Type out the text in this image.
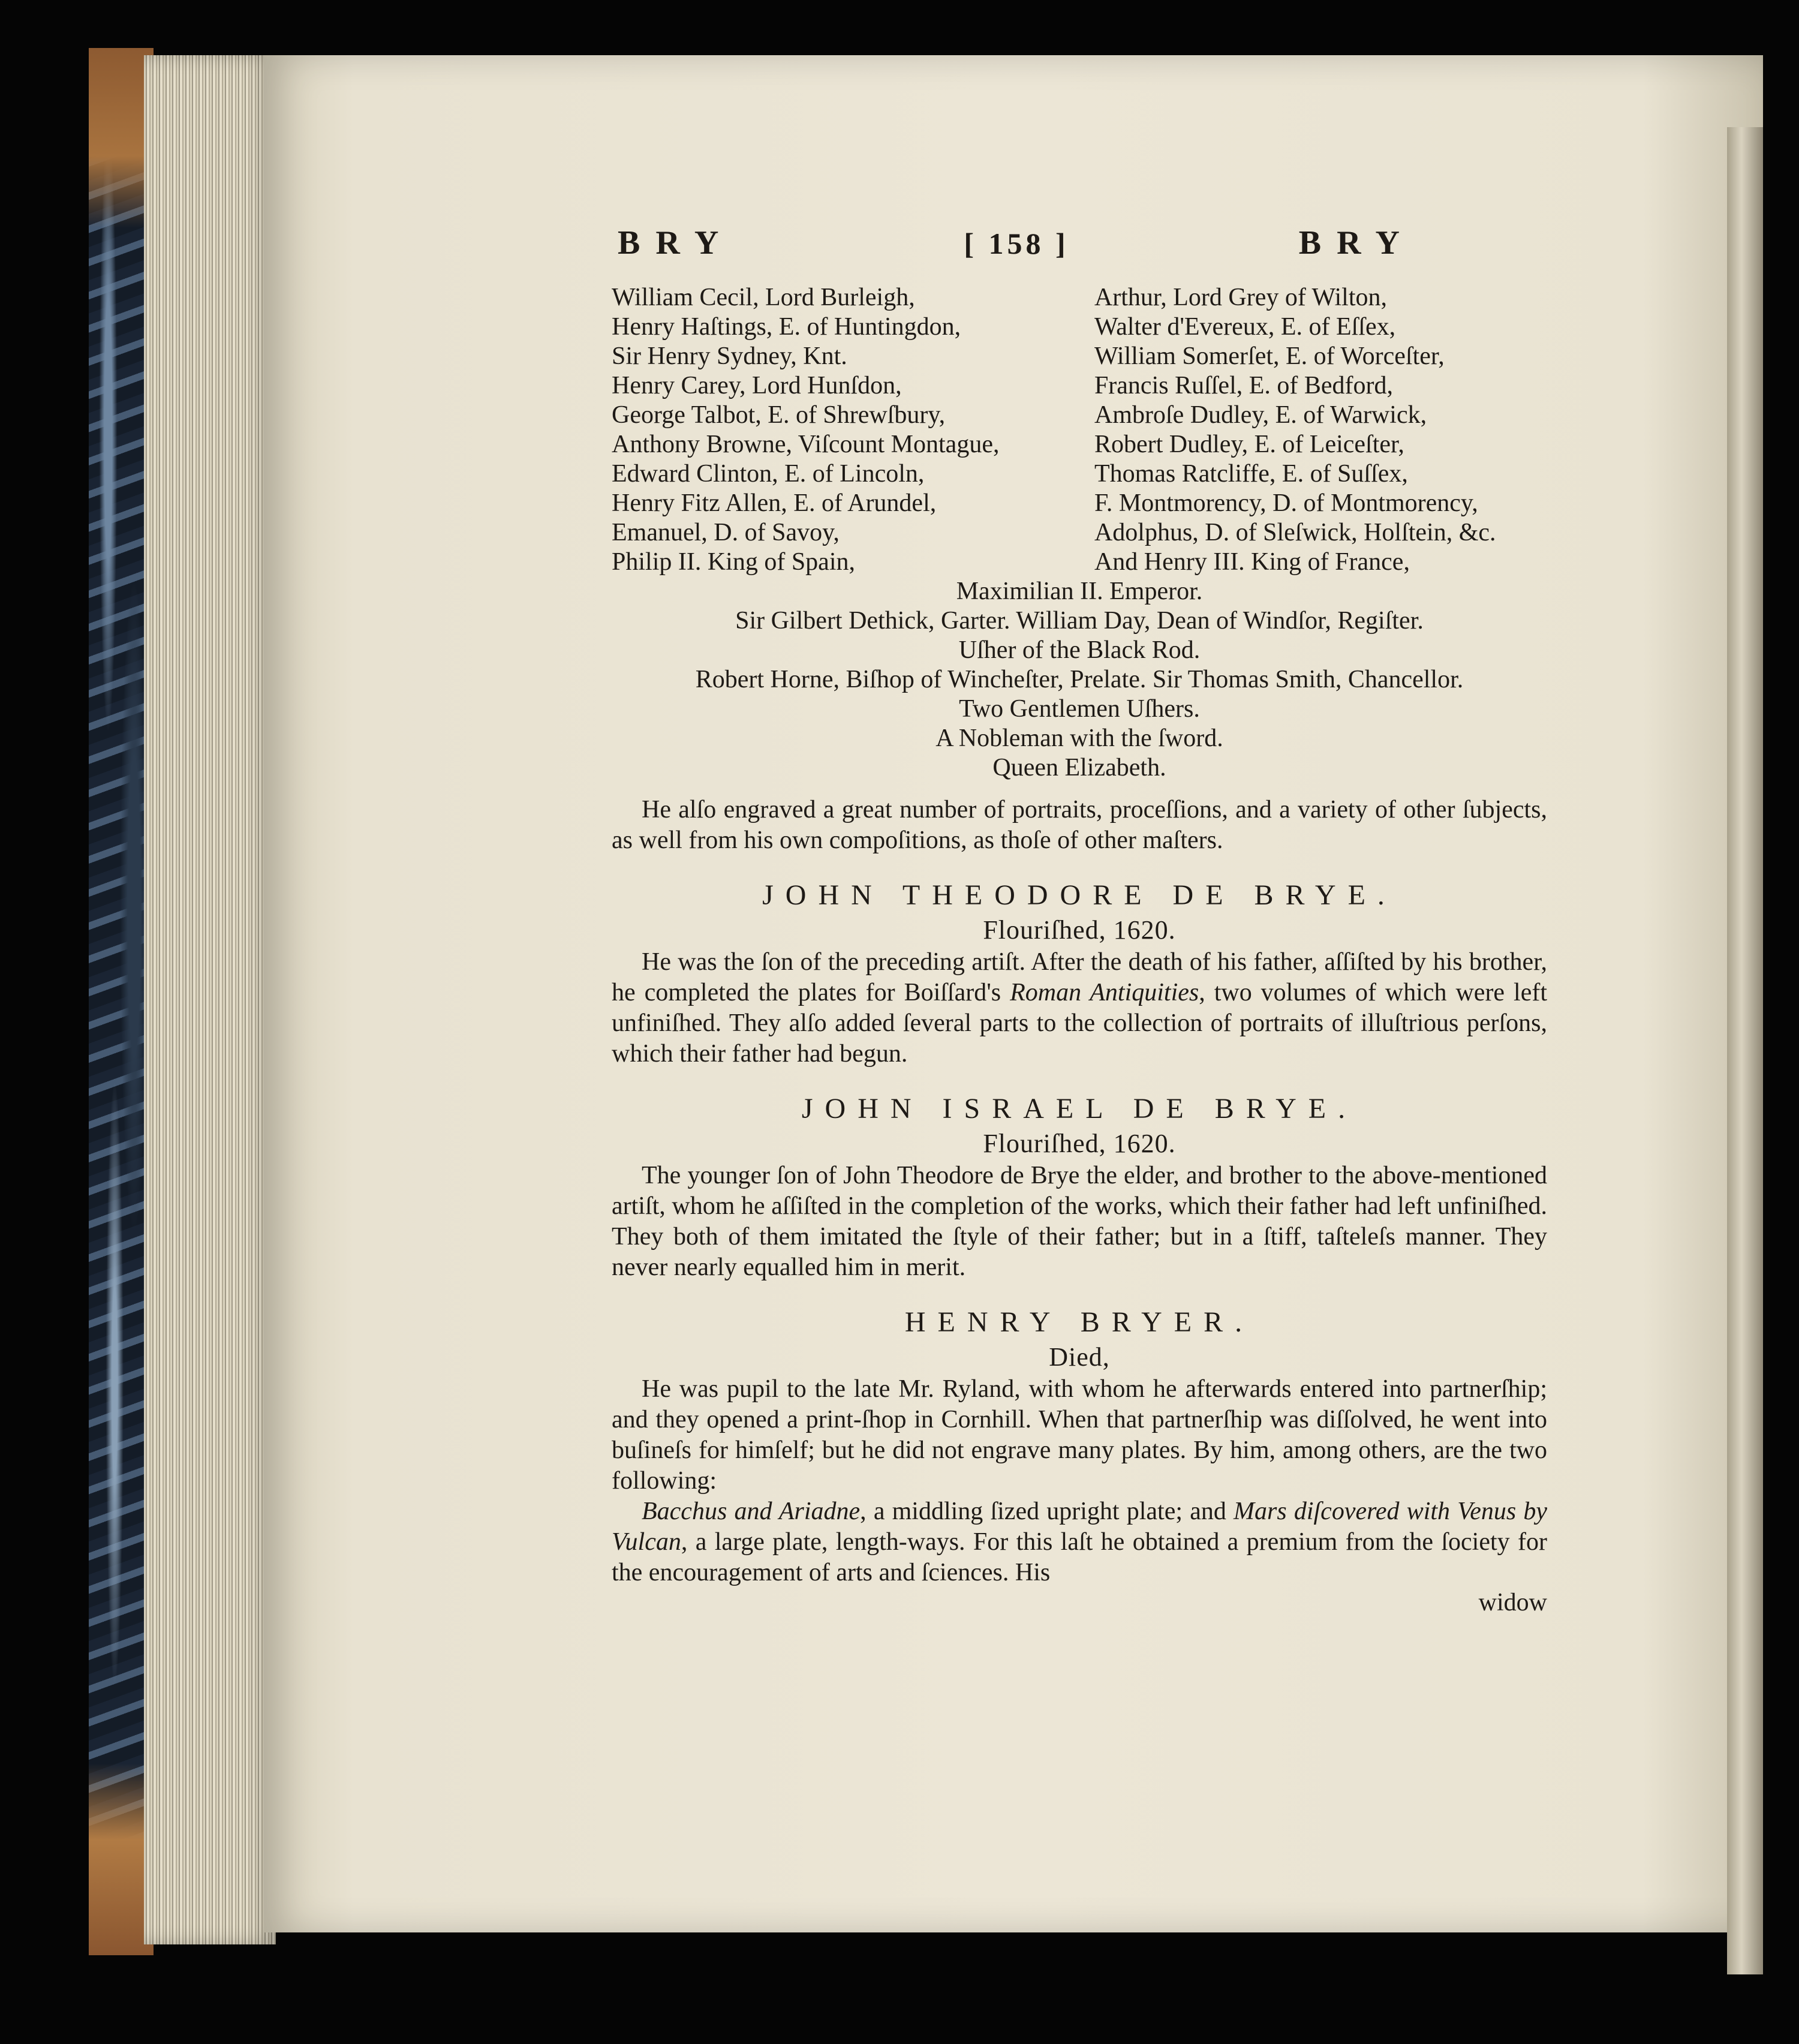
BRY	[ 158 ]	BRY
William Cecil, Lord Burleigh,
Henry Haſtings, E. of Huntingdon,
Sir Henry Sydney, Knt.
Henry Carey, Lord Hunſdon,
George Talbot, E. of Shrewſbury,
Anthony Browne, Viſcount Montague,
Edward Clinton, E. of Lincoln,
Henry Fitz Allen, E. of Arundel,
Emanuel, D. of Savoy,
Philip II. King of Spain,
Arthur, Lord Grey of Wilton,
Walter d'Evereux, E. of Eſſex,
William Somerſet, E. of Worceſter,
Francis Ruſſel, E. of Bedford,
Ambroſe Dudley, E. of Warwick,
Robert Dudley, E. of Leiceſter,
Thomas Ratcliffe, E. of Suſſex,
F. Montmorency, D. of Montmorency,
Adolphus, D. of Sleſwick, Holſtein, &c.
And Henry III. King of France,
Maximilian II. Emperor.
Sir Gilbert Dethick, Garter. William Day, Dean of Windſor, Regiſter.
Uſher of the Black Rod.
Robert Horne, Biſhop of Wincheſter, Prelate. Sir Thomas Smith, Chancellor.
Two Gentlemen Uſhers.
A Nobleman with the ſword.
Queen Elizabeth.

He alſo engraved a great number of portraits, proceſſions, and a variety of other ſubjects, as well from his own compoſitions, as thoſe of other maſters.

JOHN THEODORE DE BRYE.
Flouriſhed, 1620.

He was the ſon of the preceding artiſt. After the death of his father, aſſiſted by his brother, he completed the plates for Boiſſard's Roman Antiquities, two volumes of which were left unfiniſhed. They alſo added ſeveral parts to the collection of portraits of illuſtrious perſons, which their father had begun.

JOHN ISRAEL DE BRYE.
Flouriſhed, 1620.

The younger ſon of John Theodore de Brye the elder, and brother to the above-mentioned artiſt, whom he aſſiſted in the completion of the works, which their father had left unfiniſhed. They both of them imitated the ſtyle of their father; but in a ſtiff, taſteleſs manner. They never nearly equalled him in merit.

HENRY BRYER.
Died,

He was pupil to the late Mr. Ryland, with whom he afterwards entered into partnerſhip; and they opened a print-ſhop in Cornhill. When that partnerſhip was diſſolved, he went into buſineſs for himſelf; but he did not engrave many plates. By him, among others, are the two following:

Bacchus and Ariadne, a middling ſized upright plate; and Mars diſcovered with Venus by Vulcan, a large plate, length-ways. For this laſt he obtained a premium from the ſociety for the encouragement of arts and ſciences. His

widow
